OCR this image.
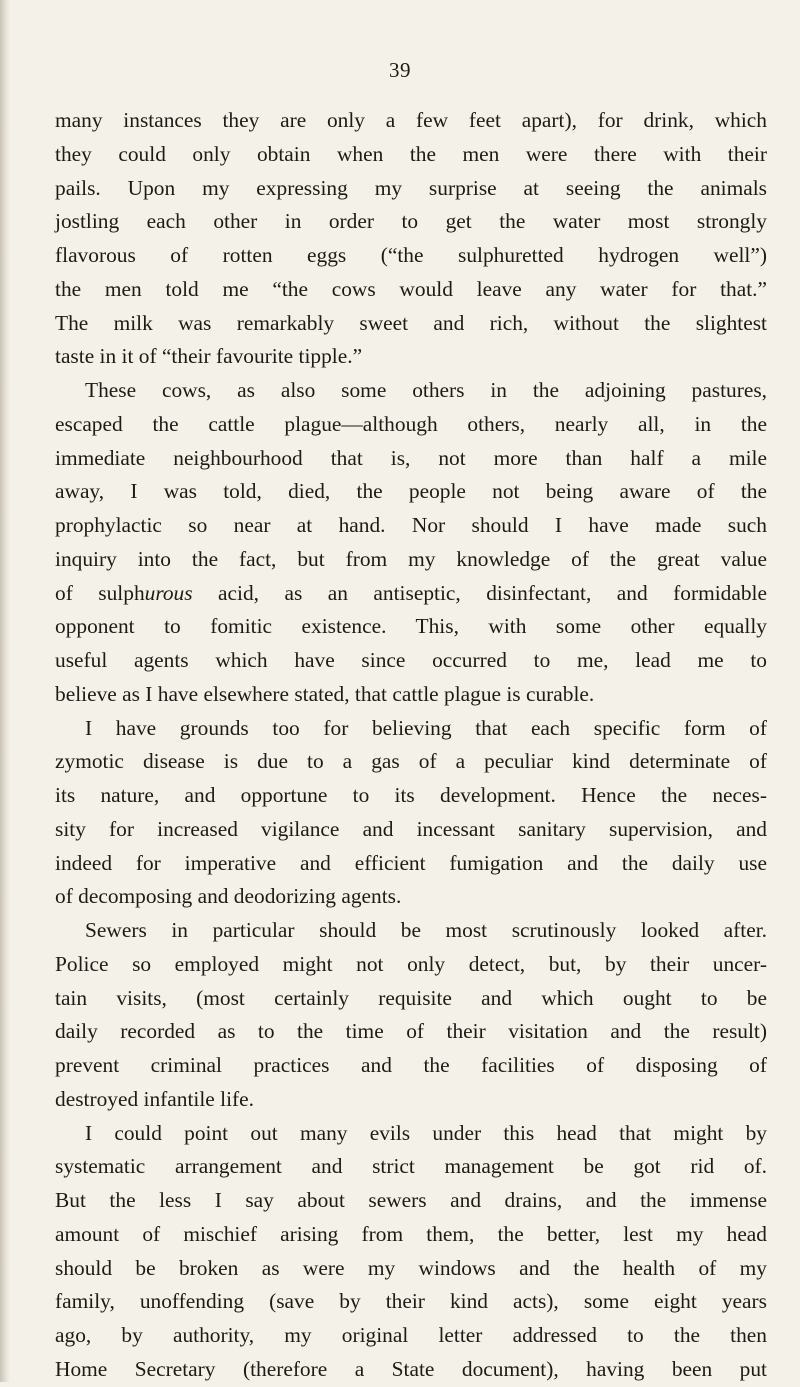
39
many instances they are only a few feet apart), for drink, which
they could only obtain when the men were there with their
pails. Upon my expressing my surprise at seeing the animals
jostling each other in order to get the water most strongly
flavorous of rotten eggs (“the sulphuretted hydrogen well”)
the men told me “the cows would leave any water for that.”
The milk was remarkably sweet and rich, without the slightest
taste in it of “their favourite tipple.”
These cows, as also some others in the adjoining pastures,
escaped the cattle plague—although others, nearly all, in the
immediate neighbourhood that is, not more than half a mile
away, I was told, died, the people not being aware of the
prophylactic so near at hand. Nor should I have made such
inquiry into the fact, but from my knowledge of the great value
of sulphurous acid, as an antiseptic, disinfectant, and formidable
opponent to fomitic existence. This, with some other equally
useful agents which have since occurred to me, lead me to
believe as I have elsewhere stated, that cattle plague is curable.
I have grounds too for believing that each specific form of
zymotic disease is due to a gas of a peculiar kind determinate of
its nature, and opportune to its development. Hence the neces-
sity for increased vigilance and incessant sanitary supervision, and
indeed for imperative and efficient fumigation and the daily use
of decomposing and deodorizing agents.
Sewers in particular should be most scrutinously looked after.
Police so employed might not only detect, but, by their uncer-
tain visits, (most certainly requisite and which ought to be
daily recorded as to the time of their visitation and the result)
prevent criminal practices and the facilities of disposing of
destroyed infantile life.
I could point out many evils under this head that might by
systematic arrangement and strict management be got rid of.
But the less I say about sewers and drains, and the immense
amount of mischief arising from them, the better, lest my head
should be broken as were my windows and the health of my
family, unoffending (save by their kind acts), some eight years
ago, by authority, my original letter addressed to the then
Home Secretary (therefore a State document), having been put
